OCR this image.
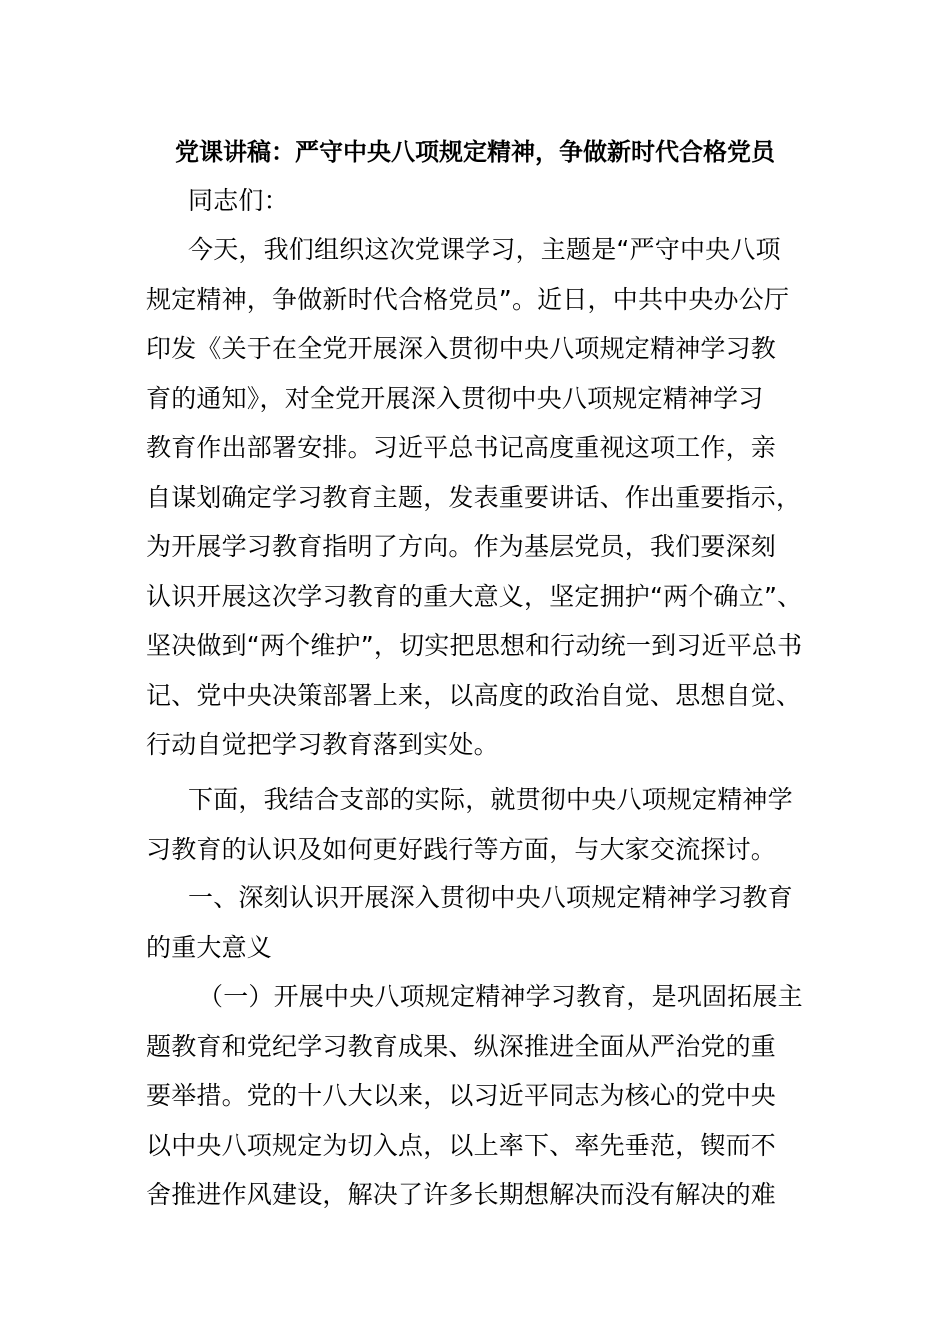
党课讲稿：严守中央八项规定精神，争做新时代合格党员
同志们：
今天，我们组织这次党课学习，主题是“严守中央八项
规定精神，争做新时代合格党员”。近日，中共中央办公厅
印发《关于在全党开展深入贯彻中央八项规定精神学习教
育的通知》，对全党开展深入贯彻中央八项规定精神学习
教育作出部署安排。习近平总书记高度重视这项工作，亲
自谋划确定学习教育主题，发表重要讲话、作出重要指示，
为开展学习教育指明了方向。作为基层党员，我们要深刻
认识开展这次学习教育的重大意义，坚定拥护“两个确立”、
坚决做到“两个维护”，切实把思想和行动统一到习近平总书
记、党中央决策部署上来，以高度的政治自觉、思想自觉、
行动自觉把学习教育落到实处。
下面，我结合支部的实际，就贯彻中央八项规定精神学
习教育的认识及如何更好践行等方面，与大家交流探讨。
一、深刻认识开展深入贯彻中央八项规定精神学习教育
的重大意义
（一）开展中央八项规定精神学习教育，是巩固拓展主
题教育和党纪学习教育成果、纵深推进全面从严治党的重
要举措。党的十八大以来，以习近平同志为核心的党中央
以中央八项规定为切入点，以上率下、率先垂范，锲而不
舍推进作风建设，解决了许多长期想解决而没有解决的难
